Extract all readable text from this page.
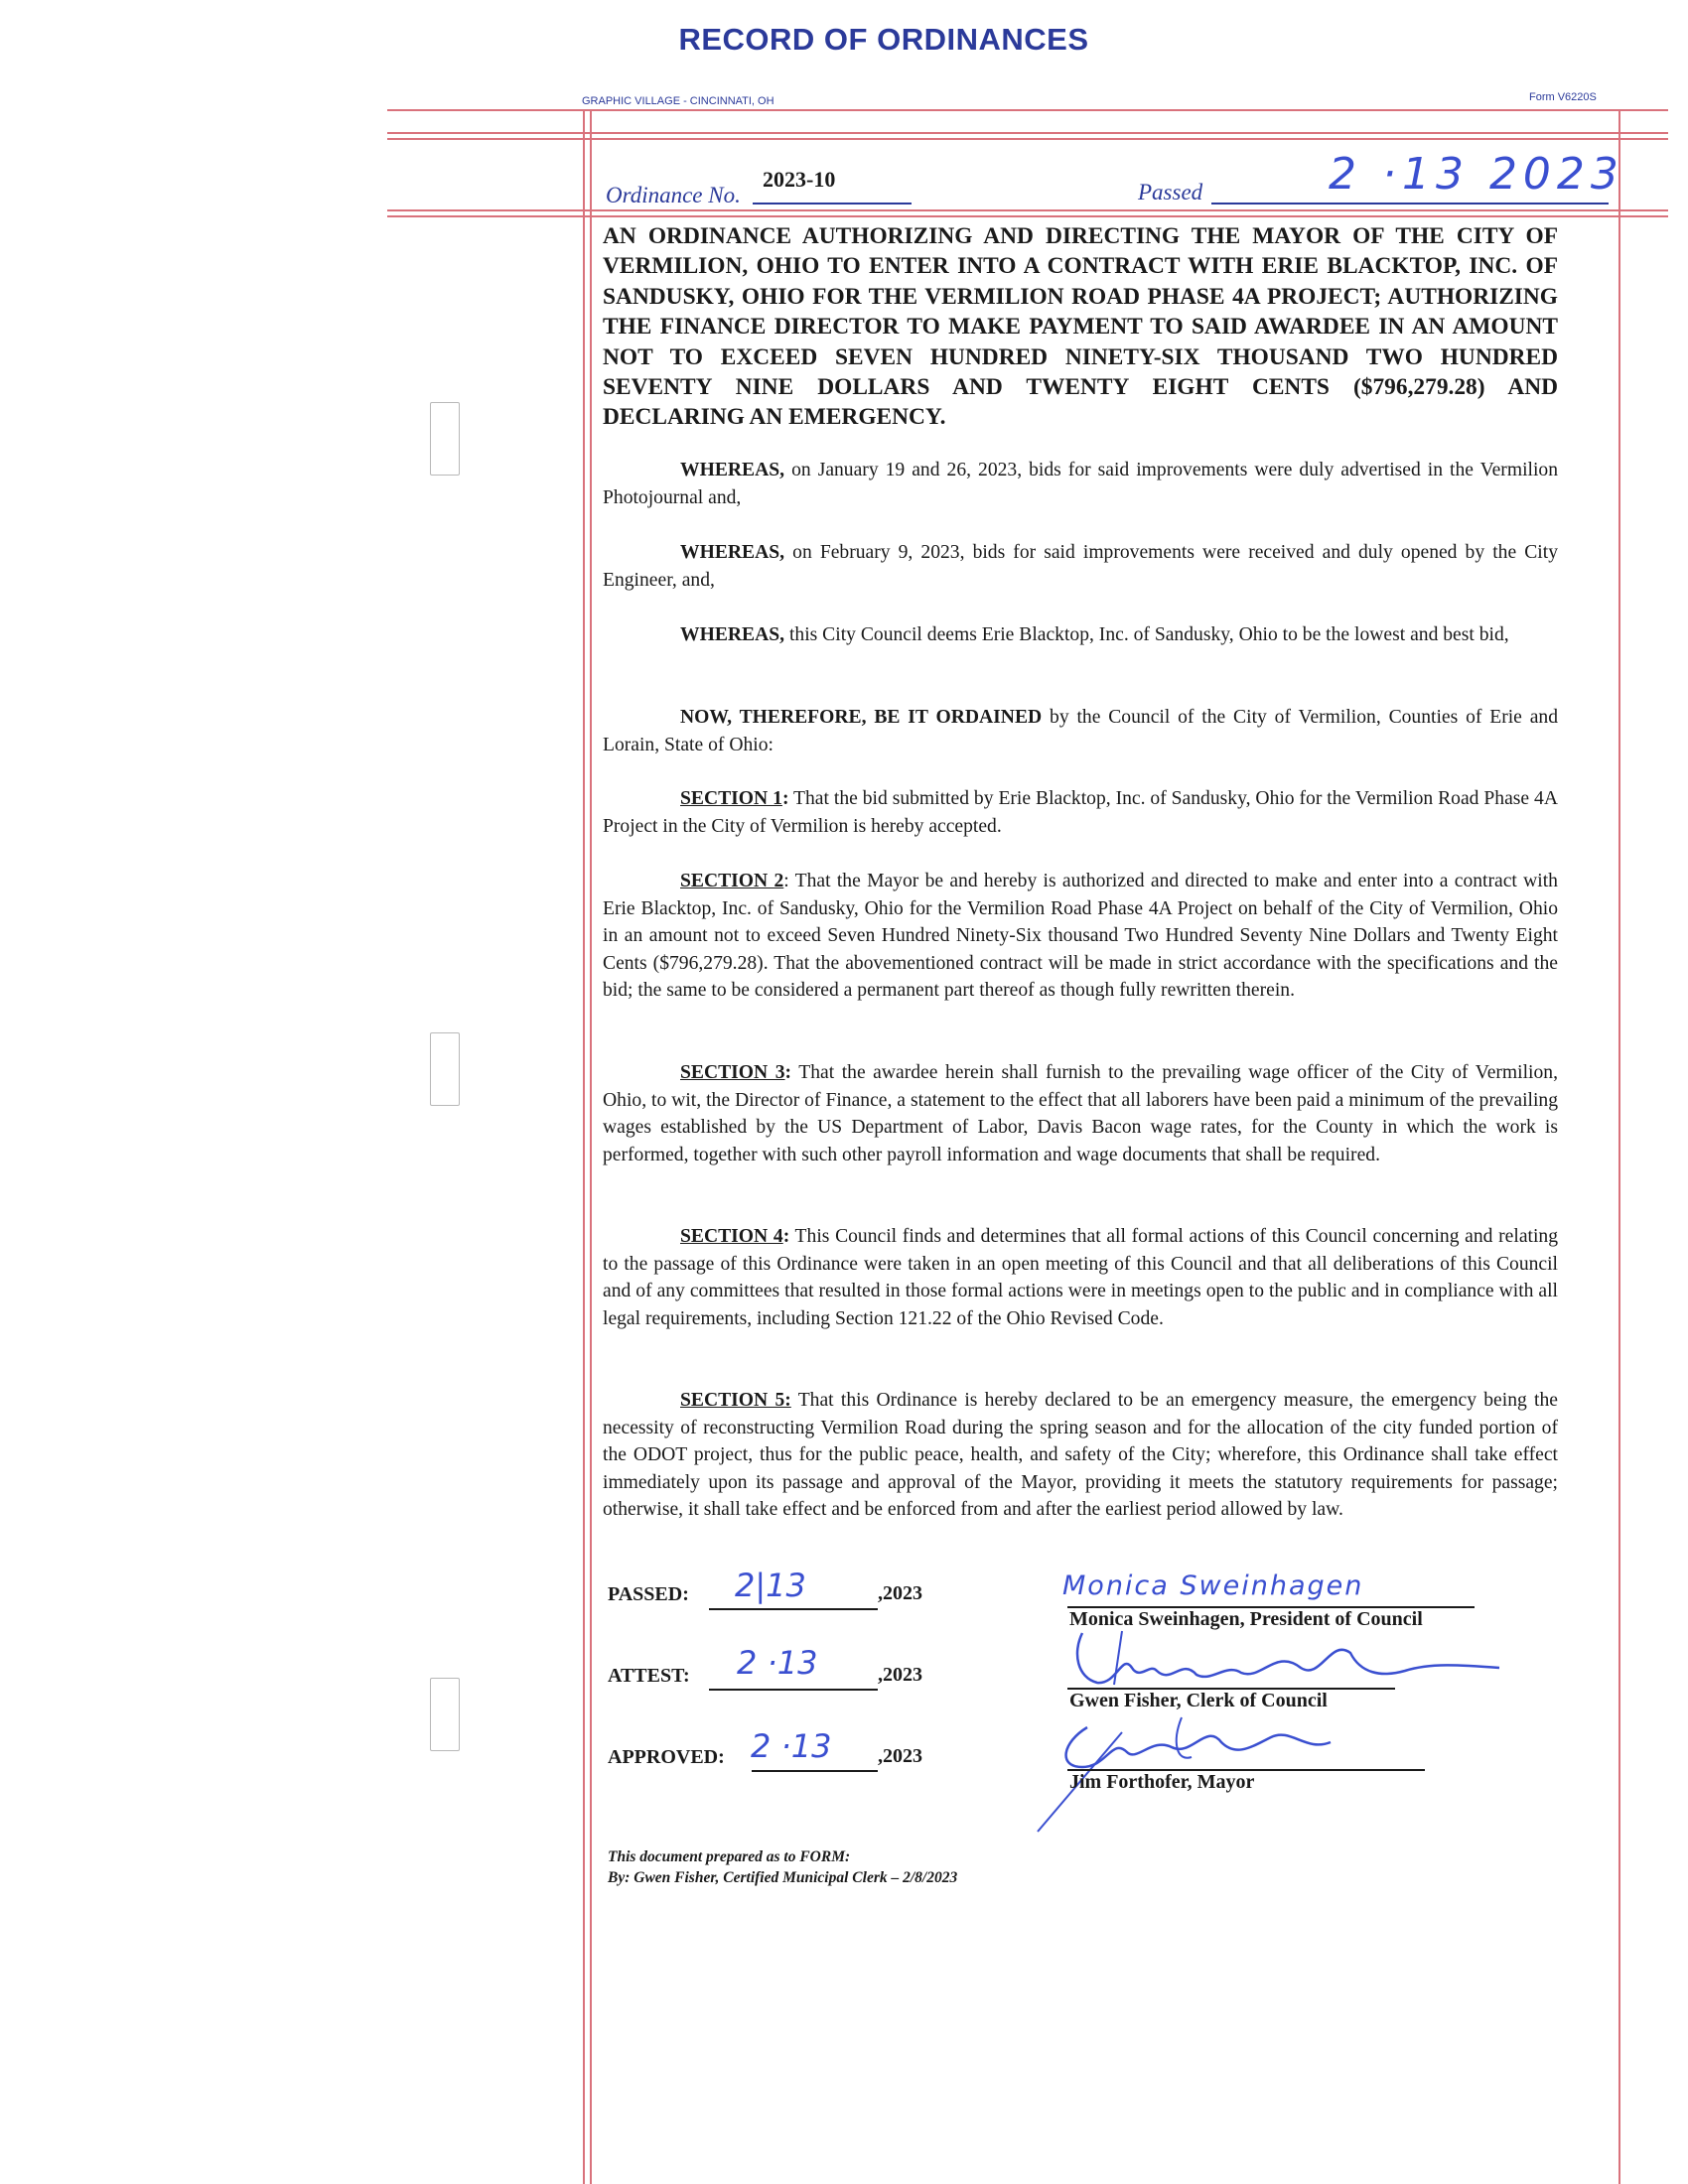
RECORD OF ORDINANCES
GRAPHIC VILLAGE - CINCINNATI, OH	Form V6220S
Ordinance No.
2023-10
Passed	2 ·13 2023
AN ORDINANCE AUTHORIZING AND DIRECTING THE MAYOR OF THE CITY OF VERMILION, OHIO TO ENTER INTO A CONTRACT WITH ERIE BLACKTOP, INC. OF SANDUSKY, OHIO FOR THE VERMILION ROAD PHASE 4A PROJECT; AUTHORIZING THE FINANCE DIRECTOR TO MAKE PAYMENT TO SAID AWARDEE IN AN AMOUNT NOT TO EXCEED SEVEN HUNDRED NINETY-SIX THOUSAND TWO HUNDRED SEVENTY NINE DOLLARS AND TWENTY EIGHT CENTS ($796,279.28) AND DECLARING AN EMERGENCY.
WHEREAS, on January 19 and 26, 2023, bids for said improvements were duly advertised in the Vermilion Photojournal and,
WHEREAS, on February 9, 2023, bids for said improvements were received and duly opened by the City Engineer, and,
WHEREAS, this City Council deems Erie Blacktop, Inc. of Sandusky, Ohio to be the lowest and best bid,
NOW, THEREFORE, BE IT ORDAINED by the Council of the City of Vermilion, Counties of Erie and Lorain, State of Ohio:
SECTION 1: That the bid submitted by Erie Blacktop, Inc. of Sandusky, Ohio for the Vermilion Road Phase 4A Project in the City of Vermilion is hereby accepted.
SECTION 2: That the Mayor be and hereby is authorized and directed to make and enter into a contract with Erie Blacktop, Inc. of Sandusky, Ohio for the Vermilion Road Phase 4A Project on behalf of the City of Vermilion, Ohio in an amount not to exceed Seven Hundred Ninety-Six thousand Two Hundred Seventy Nine Dollars and Twenty Eight Cents ($796,279.28). That the abovementioned contract will be made in strict accordance with the specifications and the bid; the same to be considered a permanent part thereof as though fully rewritten therein.
SECTION 3: That the awardee herein shall furnish to the prevailing wage officer of the City of Vermilion, Ohio, to wit, the Director of Finance, a statement to the effect that all laborers have been paid a minimum of the prevailing wages established by the US Department of Labor, Davis Bacon wage rates, for the County in which the work is performed, together with such other payroll information and wage documents that shall be required.
SECTION 4: This Council finds and determines that all formal actions of this Council concerning and relating to the passage of this Ordinance were taken in an open meeting of this Council and that all deliberations of this Council and of any committees that resulted in those formal actions were in meetings open to the public and in compliance with all legal requirements, including Section 121.22 of the Ohio Revised Code.
SECTION 5: That this Ordinance is hereby declared to be an emergency measure, the emergency being the necessity of reconstructing Vermilion Road during the spring season and for the allocation of the city funded portion of the ODOT project, thus for the public peace, health, and safety of the City; wherefore, this Ordinance shall take effect immediately upon its passage and approval of the Mayor, providing it meets the statutory requirements for passage; otherwise, it shall take effect and be enforced from and after the earliest period allowed by law.
PASSED: 2|13	,2023
ATTEST: 2 ·13	,2023
APPROVED: 2 ·13 ,2023
Monica Sweinhagen
Monica Sweinhagen, President of Council
Gwen Fisher, Clerk of Council
Jim Forthofer, Mayor
This document prepared as to FORM:
By: Gwen Fisher, Certified Municipal Clerk – 2/8/2023
